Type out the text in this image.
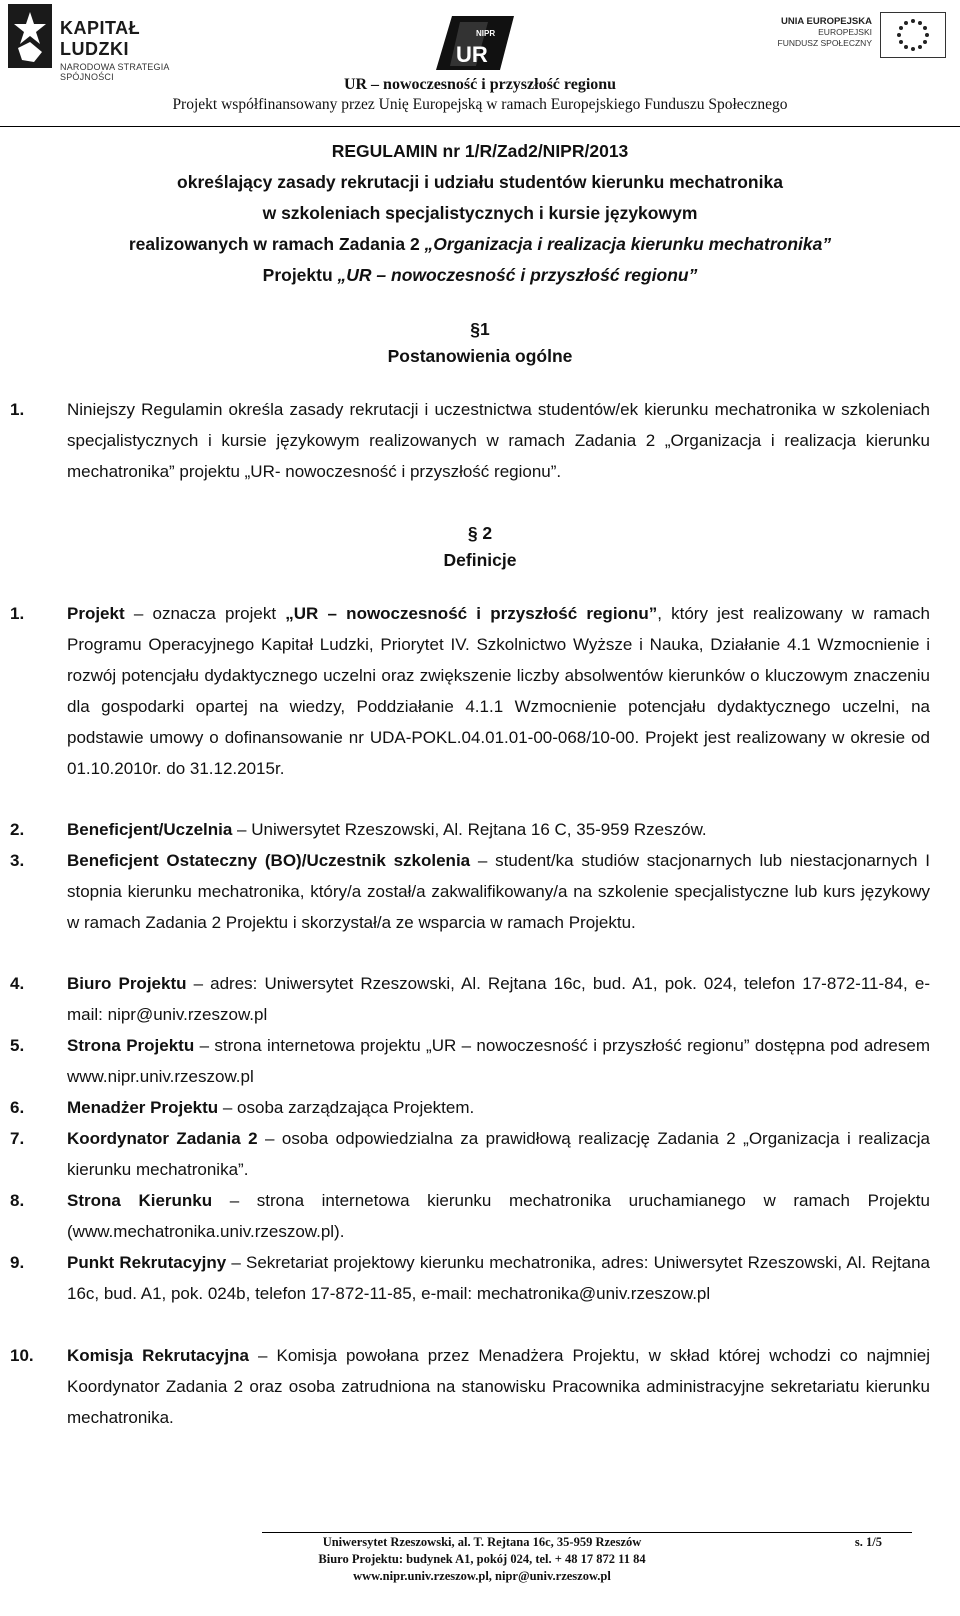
KAPITAŁ LUDZKI
NARODOWA STRATEGIA SPÓJNOŚCI
NIPR
UR
UNIA EUROPEJSKA
EUROPEJSKI
FUNDUSZ SPOŁECZNY
UR – nowoczesność i przyszłość regionu
Projekt współfinansowany przez Unię Europejską w ramach Europejskiego Funduszu Społecznego
REGULAMIN nr 1/R/Zad2/NIPR/2013
określający zasady rekrutacji i udziału studentów kierunku mechatronika
w szkoleniach specjalistycznych i kursie językowym
realizowanych w ramach Zadania 2 „Organizacja i realizacja kierunku mechatronika”
Projektu „UR – nowoczesność i przyszłość regionu”
§1
Postanowienia ogólne
1.	Niniejszy Regulamin określa zasady rekrutacji i uczestnictwa studentów/ek kierunku mechatronika w szkoleniach specjalistycznych i kursie językowym realizowanych w ramach Zadania 2 „Organizacja i realizacja kierunku mechatronika” projektu „UR- nowoczesność i przyszłość regionu”.
§ 2
Definicje
1.	Projekt – oznacza projekt „UR – nowoczesność i przyszłość regionu”, który jest realizowany w ramach Programu Operacyjnego Kapitał Ludzki, Priorytet IV. Szkolnictwo Wyższe i Nauka, Działanie 4.1 Wzmocnienie i rozwój potencjału dydaktycznego uczelni oraz zwiększenie liczby absolwentów kierunków o kluczowym znaczeniu dla gospodarki opartej na wiedzy, Poddziałanie 4.1.1 Wzmocnienie potencjału dydaktycznego uczelni, na podstawie umowy o dofinansowanie nr UDA-POKL.04.01.01-00-068/10-00. Projekt jest realizowany w okresie od 01.10.2010r. do 31.12.2015r.
2.	Beneficjent/Uczelnia – Uniwersytet Rzeszowski, Al. Rejtana 16 C, 35-959 Rzeszów.
3.	Beneficjent Ostateczny (BO)/Uczestnik szkolenia – student/ka studiów stacjonarnych lub niestacjonarnych I stopnia kierunku mechatronika, który/a został/a zakwalifikowany/a na szkolenie specjalistyczne lub kurs językowy w ramach Zadania 2 Projektu i skorzystał/a ze wsparcia w ramach Projektu.
4.	Biuro Projektu – adres: Uniwersytet Rzeszowski, Al. Rejtana 16c, bud. A1, pok. 024, telefon 17-872-11-84, e-mail: nipr@univ.rzeszow.pl
5.	Strona Projektu – strona internetowa projektu „UR – nowoczesność i przyszłość regionu” dostępna pod adresem www.nipr.univ.rzeszow.pl
6.	Menadżer Projektu – osoba zarządzająca Projektem.
7.	Koordynator Zadania 2 – osoba odpowiedzialna za prawidłową realizację Zadania 2 „Organizacja i realizacja kierunku mechatronika”.
8.	Strona Kierunku – strona internetowa kierunku mechatronika uruchamianego w ramach Projektu (www.mechatronika.univ.rzeszow.pl).
9.	Punkt Rekrutacyjny – Sekretariat projektowy kierunku mechatronika, adres: Uniwersytet Rzeszowski, Al. Rejtana 16c, bud. A1, pok. 024b, telefon 17-872-11-85, e-mail: mechatronika@univ.rzeszow.pl
10. Komisja Rekrutacyjna – Komisja powołana przez Menadżera Projektu, w skład której wchodzi co najmniej Koordynator Zadania 2 oraz osoba zatrudniona na stanowisku Pracownika administracyjne sekretariatu kierunku mechatronika.
Uniwersytet Rzeszowski, al. T. Rejtana 16c, 35-959 Rzeszów
Biuro Projektu: budynek A1, pokój 024, tel. + 48 17 872 11 84
www.nipr.univ.rzeszow.pl, nipr@univ.rzeszow.pl
s. 1/5
